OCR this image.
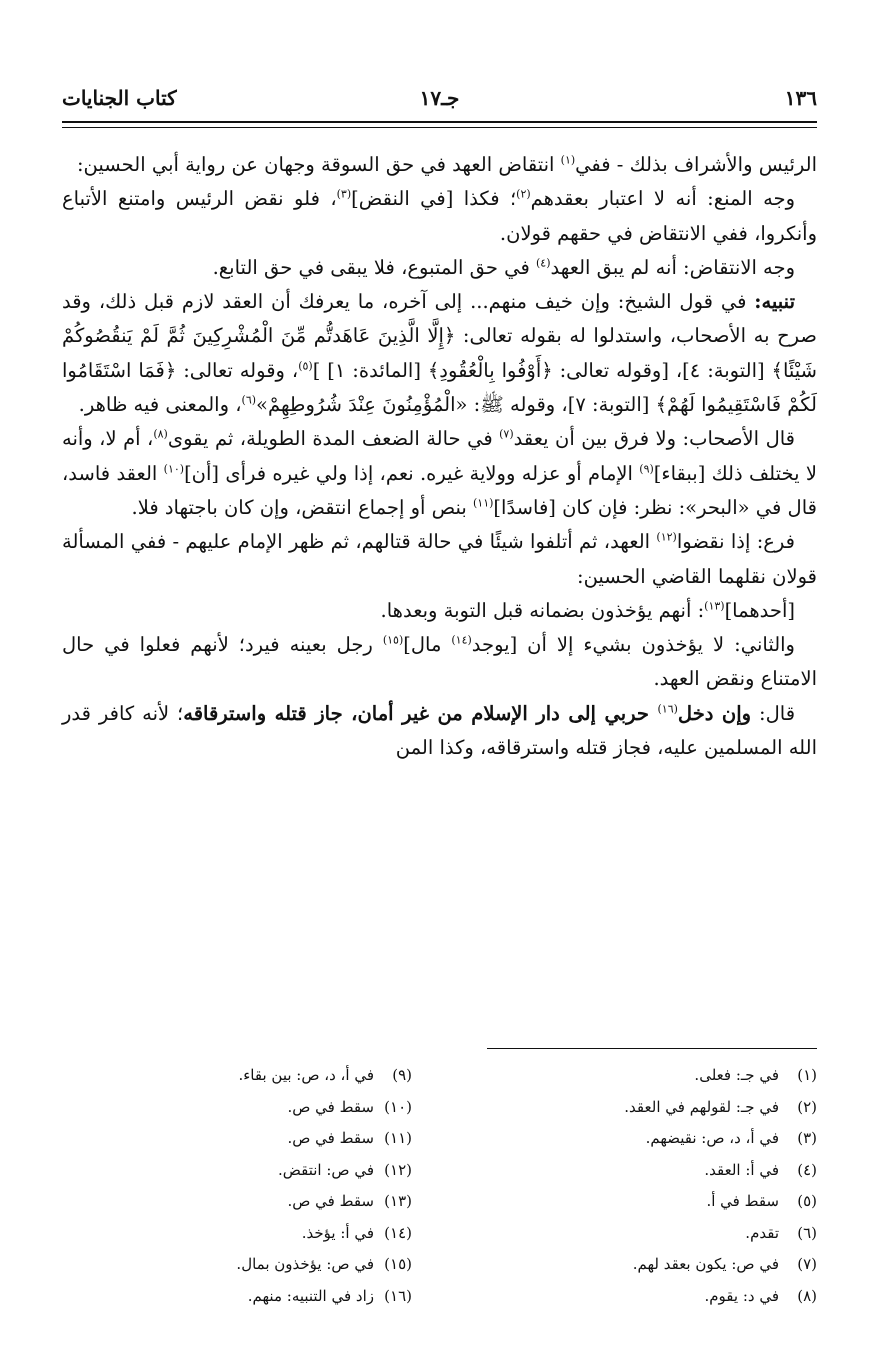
١٣٦
جـ١٧
كتاب الجنايات

الرئيس والأشراف بذلك - ففي$^{(١)}$ انتقاض العهد في حق السوقة وجهان عن رواية أبي الحسين:

وجه المنع: أنه لا اعتبار بعقدهم$^{(٢)}$؛ فكذا [في النقض]$^{(٣)}$، فلو نقض الرئيس وامتنع الأتباع وأنكروا، ففي الانتقاض في حقهم قولان.

وجه الانتقاض: أنه لم يبق العهد$^{(٤)}$ في حق المتبوع، فلا يبقى في حق التابع.

تنبيه: في قول الشيخ: وإن خيف منهم... إلى آخره، ما يعرفك أن العقد لازم قبل ذلك، وقد صرح به الأصحاب، واستدلوا له بقوله تعالى: ﴿إِلَّا الَّذِينَ عَاهَدتُّم مِّنَ الْمُشْرِكِينَ ثُمَّ لَمْ يَنقُصُوكُمْ شَيْئًا﴾ [التوبة: ٤]، [وقوله تعالى: ﴿أَوْفُوا بِالْعُقُودِ﴾ [المائدة: ١] ]$^{(٥)}$، وقوله تعالى: ﴿فَمَا اسْتَقَامُوا لَكُمْ فَاسْتَقِيمُوا لَهُمْ﴾ [التوبة: ٧]، وقوله ﷺ: «الْمُؤْمِنُونَ عِنْدَ شُرُوطِهِمْ»$^{(٦)}$، والمعنى فيه ظاهر.

قال الأصحاب: ولا فرق بين أن يعقد$^{(٧)}$ في حالة الضعف المدة الطويلة، ثم يقوى$^{(٨)}$، أم لا، وأنه لا يختلف ذلك [ببقاء]$^{(٩)}$ الإمام أو عزله وولاية غيره. نعم، إذا ولي غيره فرأى [أن]$^{(١٠)}$ العقد فاسد، قال في «البحر»: نظر: فإن كان [فاسدًا]$^{(١١)}$ بنص أو إجماع انتقض، وإن كان باجتهاد فلا.

فرع: إذا نقضوا$^{(١٢)}$ العهد، ثم أتلفوا شيئًا في حالة قتالهم، ثم ظهر الإمام عليهم - ففي المسألة قولان نقلهما القاضي الحسين:

[أحدهما]$^{(١٣)}$: أنهم يؤخذون بضمانه قبل التوبة وبعدها.

والثاني: لا يؤخذون بشيء إلا أن [يوجد$^{(١٤)}$ مال]$^{(١٥)}$ رجل بعينه فيرد؛ لأنهم فعلوا في حال الامتناع ونقض العهد.

قال: وإن دخل$^{(١٦)}$ حربي إلى دار الإسلام من غير أمان، جاز قتله واسترقاقه؛ لأنه كافر قدر الله المسلمين عليه، فجاز قتله واسترقاقه، وكذا المن

(١)في جـ: فعلى.
(٢)في جـ: لقولهم في العقد.
(٣)في أ، د، ص: نقيضهم.
(٤)في أ: العقد.
(٥)سقط في أ.
(٦)تقدم.
(٧)في ص: يكون بعقد لهم.
(٨)في د: يقوم.
(٩)في أ، د، ص: بين بقاء.
(١٠)سقط في ص.
(١١)سقط في ص.
(١٢)في ص: انتقض.
(١٣)سقط في ص.
(١٤)في أ: يؤخذ.
(١٥)في ص: يؤخذون بمال.
(١٦)زاد في التنبيه: منهم.
